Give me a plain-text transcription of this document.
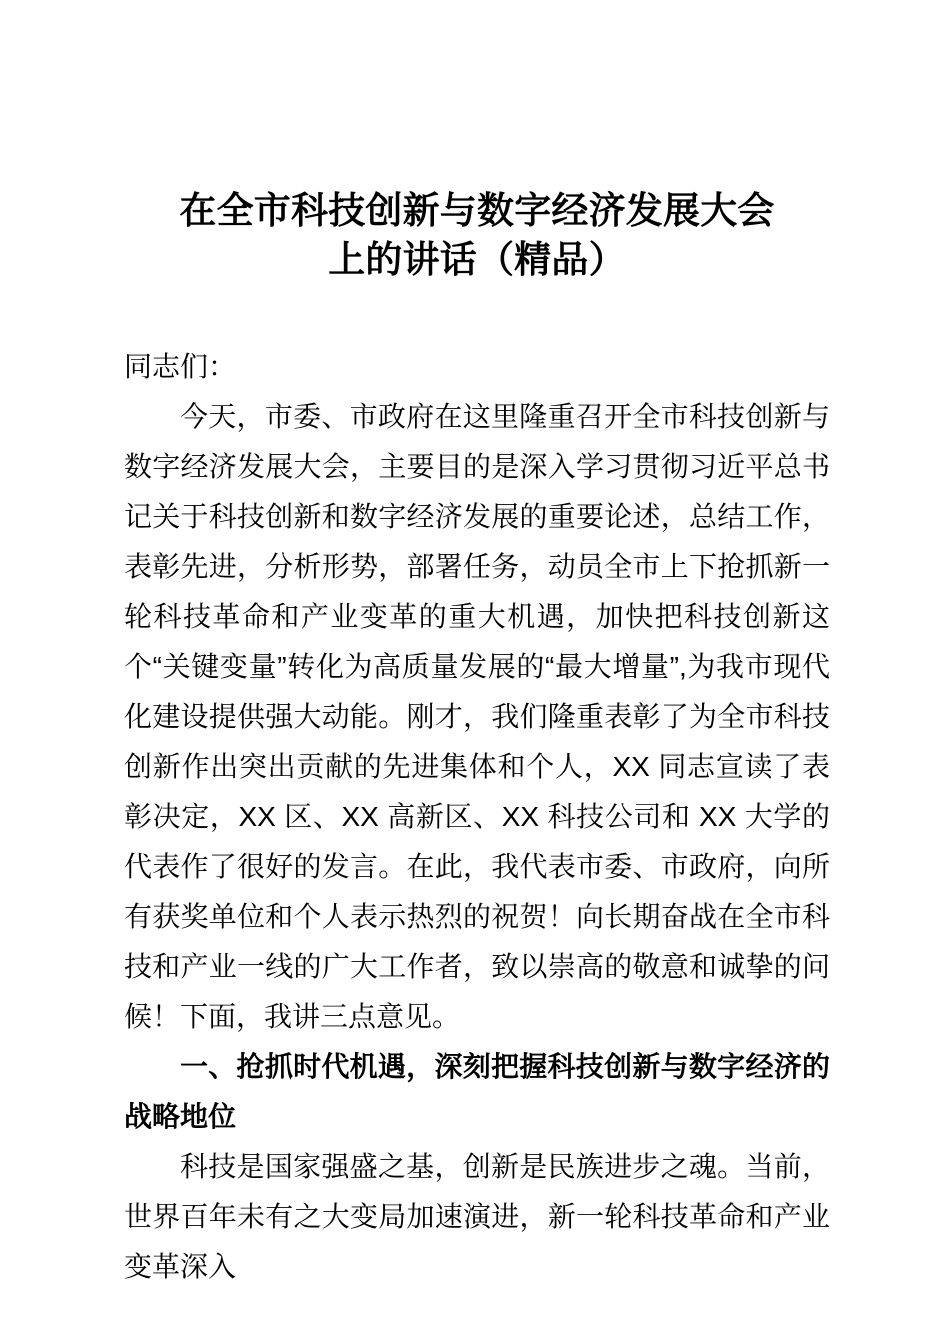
在全市科技创新与数字经济发展大会
上的讲话（精品）

同志们：

今天，市委、市政府在这里隆重召开全市科技创新与数字经济发展大会，主要目的是深入学习贯彻习近平总书记关于科技创新和数字经济发展的重要论述，总结工作，表彰先进，分析形势，部署任务，动员全市上下抢抓新一轮科技革命和产业变革的重大机遇，加快把科技创新这个“关键变量”转化为高质量发展的“最大增量”,为我市现代化建设提供强大动能。刚才，我们隆重表彰了为全市科技创新作出突出贡献的先进集体和个人，XX 同志宣读了表彰决定，XX 区、XX 高新区、XX 科技公司和 XX 大学的代表作了很好的发言。在此，我代表市委、市政府，向所有获奖单位和个人表示热烈的祝贺！向长期奋战在全市科技和产业一线的广大工作者，致以崇高的敬意和诚挚的问候！下面，我讲三点意见。

一、抢抓时代机遇，深刻把握科技创新与数字经济的战略地位

科技是国家强盛之基，创新是民族进步之魂。当前，世界百年未有之大变局加速演进，新一轮科技革命和产业变革深入
